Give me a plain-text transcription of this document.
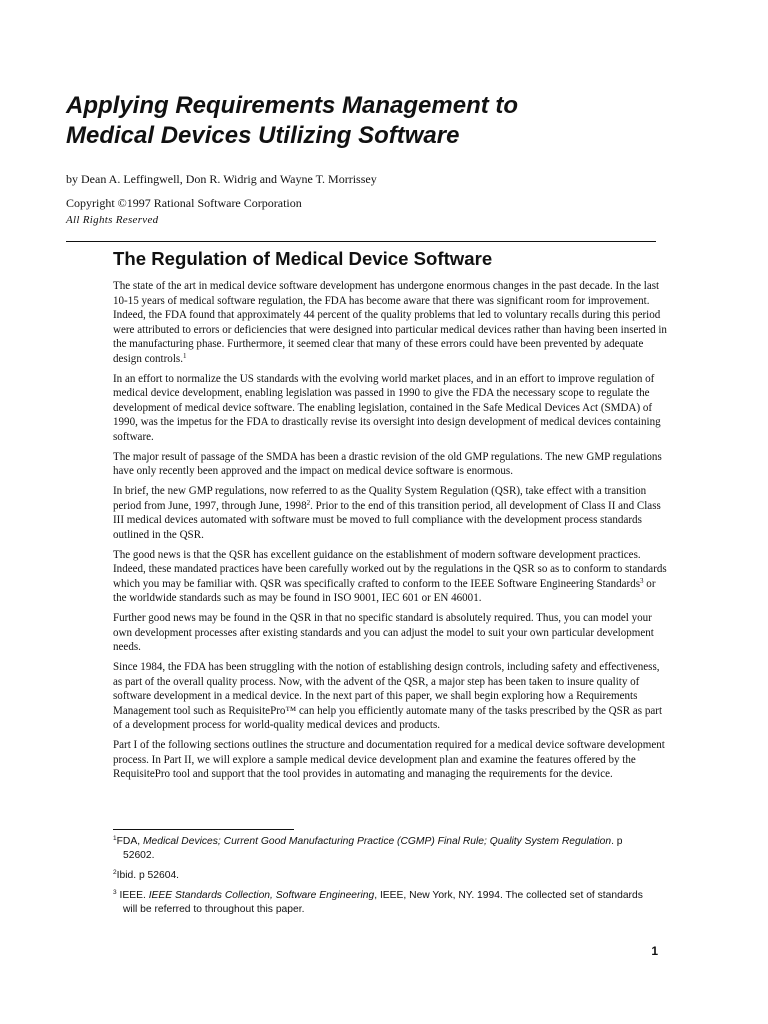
Applying Requirements Management to
Medical Devices Utilizing Software
by Dean A. Leffingwell, Don R. Widrig and Wayne T. Morrissey
Copyright ©1997 Rational Software Corporation
All Rights Reserved
The Regulation of Medical Device Software

The state of the art in medical device software development has undergone enormous changes in the past decade. In the last 10-15 years of medical software regulation, the FDA has become aware that there was significant room for improvement. Indeed, the FDA found that approximately 44 percent of the quality problems that led to voluntary recalls during this period were attributed to errors or deficiencies that were designed into particular medical devices rather than having been inserted in the manufacturing phase. Furthermore, it seemed clear that many of these errors could have been prevented by adequate design controls.$^1$

In an effort to normalize the US standards with the evolving world market places, and in an effort to improve regulation of medical device development, enabling legislation was passed in 1990 to give the FDA the necessary scope to regulate the development of medical device software. The enabling legislation, contained in the Safe Medical Devices Act (SMDA) of 1990, was the impetus for the FDA to drastically revise its oversight into design development of medical devices containing software.

The major result of passage of the SMDA has been a drastic revision of the old GMP regulations. The new GMP regulations have only recently been approved and the impact on medical device software is enormous.

In brief, the new GMP regulations, now referred to as the Quality System Regulation (QSR), take effect with a transition period from June, 1997, through June, 1998$^2$. Prior to the end of this transition period, all development of Class II and Class III medical devices automated with software must be moved to full compliance with the development process standards outlined in the QSR.

The good news is that the QSR has excellent guidance on the establishment of modern software development practices. Indeed, these mandated practices have been carefully worked out by the regulations in the QSR so as to conform to standards which you may be familiar with. QSR was specifically crafted to conform to the IEEE Software Engineering Standards$^3$ or the worldwide standards such as may be found in ISO 9001, IEC 601 or EN 46001.

Further good news may be found in the QSR in that no specific standard is absolutely required. Thus, you can model your own development processes after existing standards and you can adjust the model to suit your own particular development needs.

Since 1984, the FDA has been struggling with the notion of establishing design controls, including safety and effectiveness, as part of the overall quality process. Now, with the advent of the QSR, a major step has been taken to insure quality of software development in a medical device. In the next part of this paper, we shall begin exploring how a Requirements Management tool such as RequisitePro™ can help you efficiently automate many of the tasks prescribed by the QSR as part of a development process for world-quality medical devices and products.

Part I of the following sections outlines the structure and documentation required for a medical device software development process. In Part II, we will explore a sample medical device development plan and examine the features offered by the RequisitePro tool and support that the tool provides in automating and managing the requirements for the device.

$^1$FDA, Medical Devices; Current Good Manufacturing Practice (CGMP) Final Rule; Quality System Regulation. p 52602.

$^2$Ibid. p 52604.

$^3$ IEEE. IEEE Standards Collection, Software Engineering, IEEE, New York, NY. 1994. The collected set of standards will be referred to throughout this paper.

1
